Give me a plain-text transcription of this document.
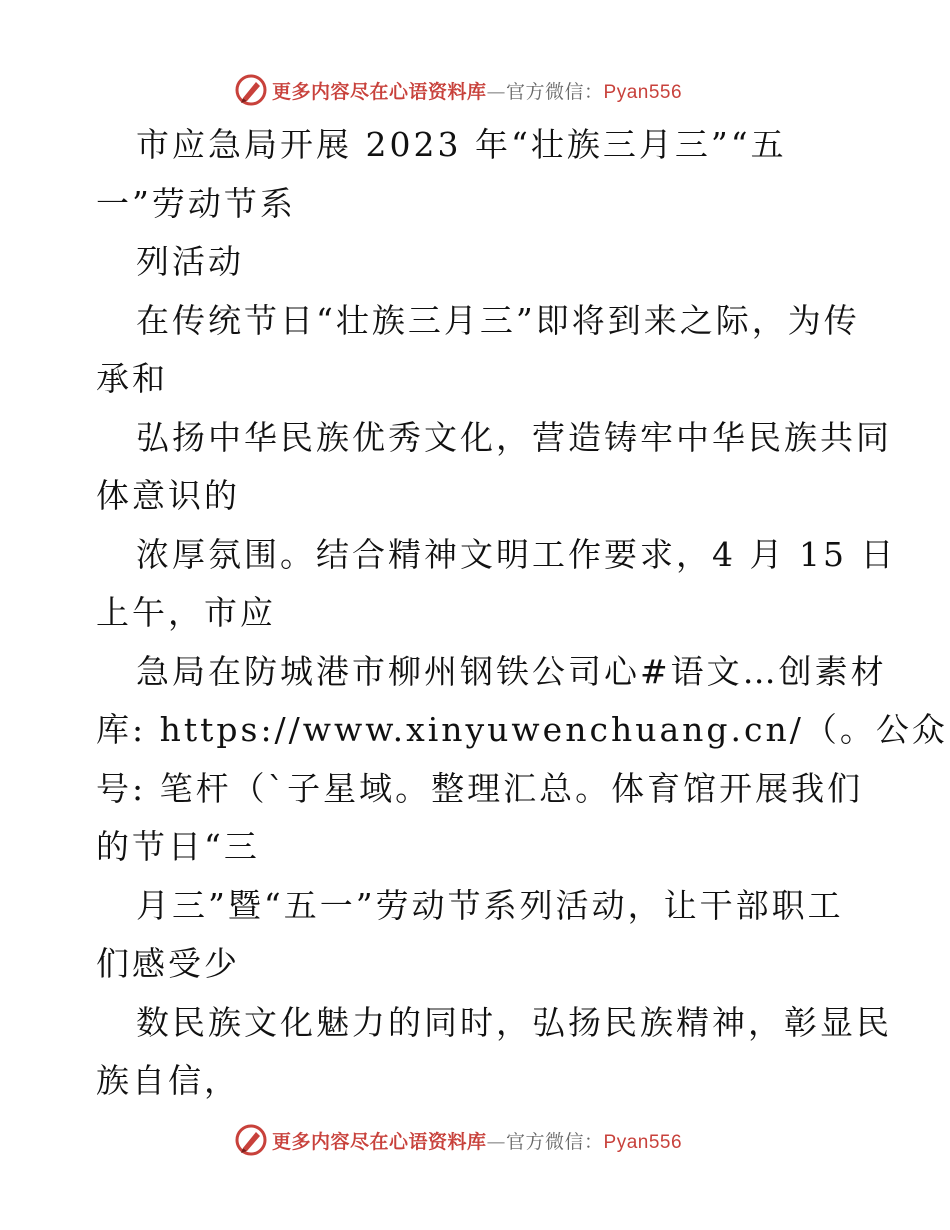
更多内容尽在心语资料库—官方微信：Pyan556
市应急局开展 2023 年“壮族三月三”“五
一”劳动节系
列活动
在传统节日“壮族三月三”即将到来之际，为传
承和
弘扬中华民族优秀文化，营造铸牢中华民族共同
体意识的
浓厚氛围。结合精神文明工作要求，4 月 15 日
上午，市应
急局在防城港市柳州钢铁公司心#语文…创素材
库: https://www.xinyuwenchuang.cn/（。公众
号: 笔杆（`子星域。整理汇总。体育馆开展我们
的节日“三
月三”暨“五一”劳动节系列活动，让干部职工
们感受少
数民族文化魅力的同时，弘扬民族精神，彰显民
族自信，
更多内容尽在心语资料库—官方微信：Pyan556
